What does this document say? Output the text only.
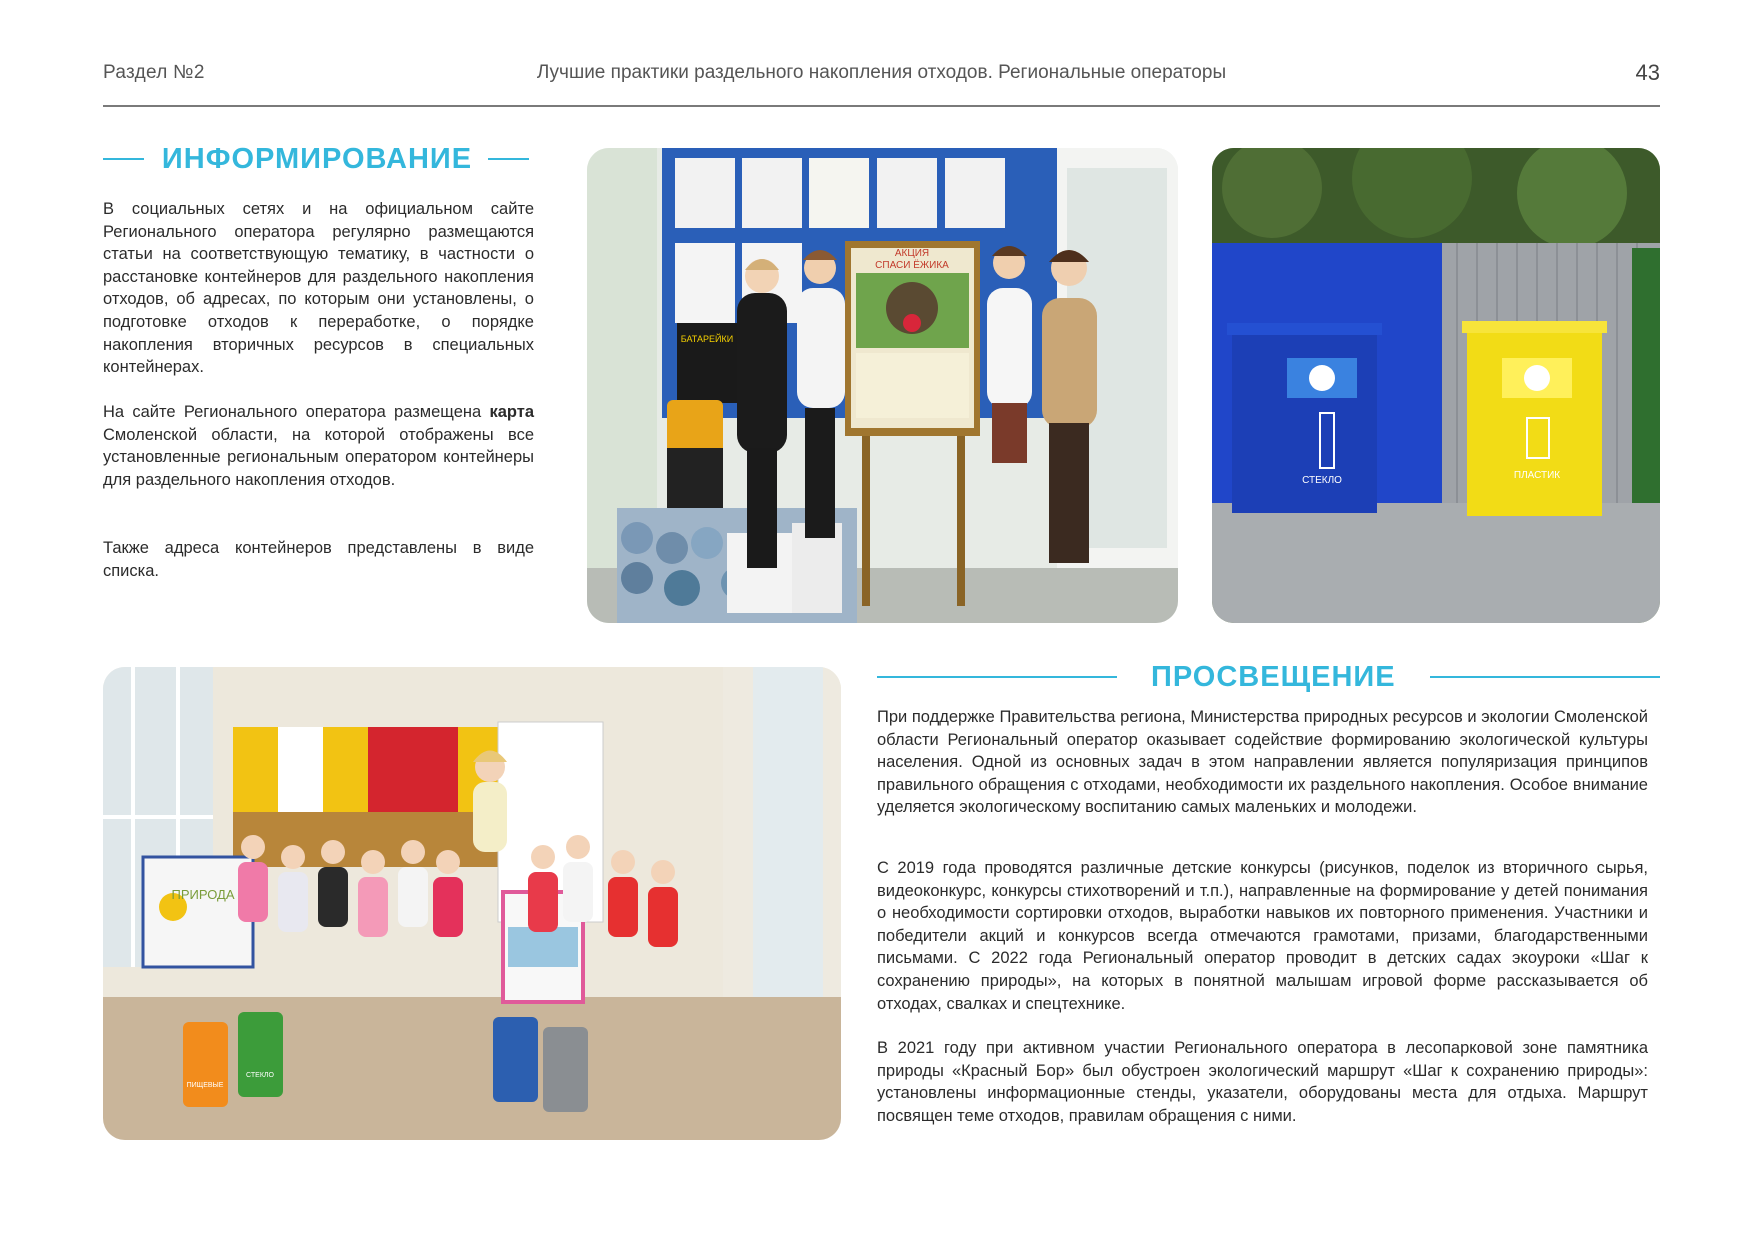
Лучшие практики раздельного накопления отходов. Региональные операторы
Раздел №2	43
ИНФОРМИРОВАНИЕ
В социальных сетях и на официальном сайте Регионального оператора регулярно размещаются статьи на соответствующую тематику, в частности о расстановке контейнеров для раздельного накопления отходов, об адресах, по которым они установлены, о подготовке отходов к переработке, о порядке накопления вторичных ресурсов в специальных контейнерах.
На сайте Регионального оператора размещена карта Смоленской области, на которой отображены все установленные региональным оператором контейнеры для раздельного накопления отходов.
Также адреса контейнеров представлены в виде списка.
БАТАРЕЙКИ
АКЦИЯ
СПАСИ ЁЖИКА
СТЕКЛО	ПЛАСТИК
ПРИРОДА
ПИЩЕВЫЕ
СТЕКЛО
ПРОСВЕЩЕНИЕ
При поддержке Правительства региона, Министерства природных ресурсов и экологии Смоленской области Региональный оператор оказывает содействие формированию экологической культуры населения. Одной из основных задач в этом направлении является популяризация принципов правильного обращения с отходами, необходимости их раздельного накопления. Особое внимание уделяется экологическому воспитанию самых маленьких и молодежи.
С 2019 года проводятся различные детские конкурсы (рисунков, поделок из вторичного сырья, видеоконкурс, конкурсы стихотворений и т.п.), направленные на формирование у детей понимания о необходимости сортировки отходов, выработки навыков их повторного применения. Участники и победители акций и конкурсов всегда отмечаются грамотами, призами, благодарственными письмами. С 2022 года Региональный оператор проводит в детских садах экоуроки «Шаг к сохранению природы», на которых в понятной малышам игровой форме рассказывается об отходах, свалках и спецтехнике.
В 2021 году при активном участии Регионального оператора в лесопарковой зоне памятника природы «Красный Бор» был обустроен экологический маршрут «Шаг к сохранению природы»: установлены информационные стенды, указатели, оборудованы места для отдыха. Маршрут посвящен теме отходов, правилам обращения с ними.
